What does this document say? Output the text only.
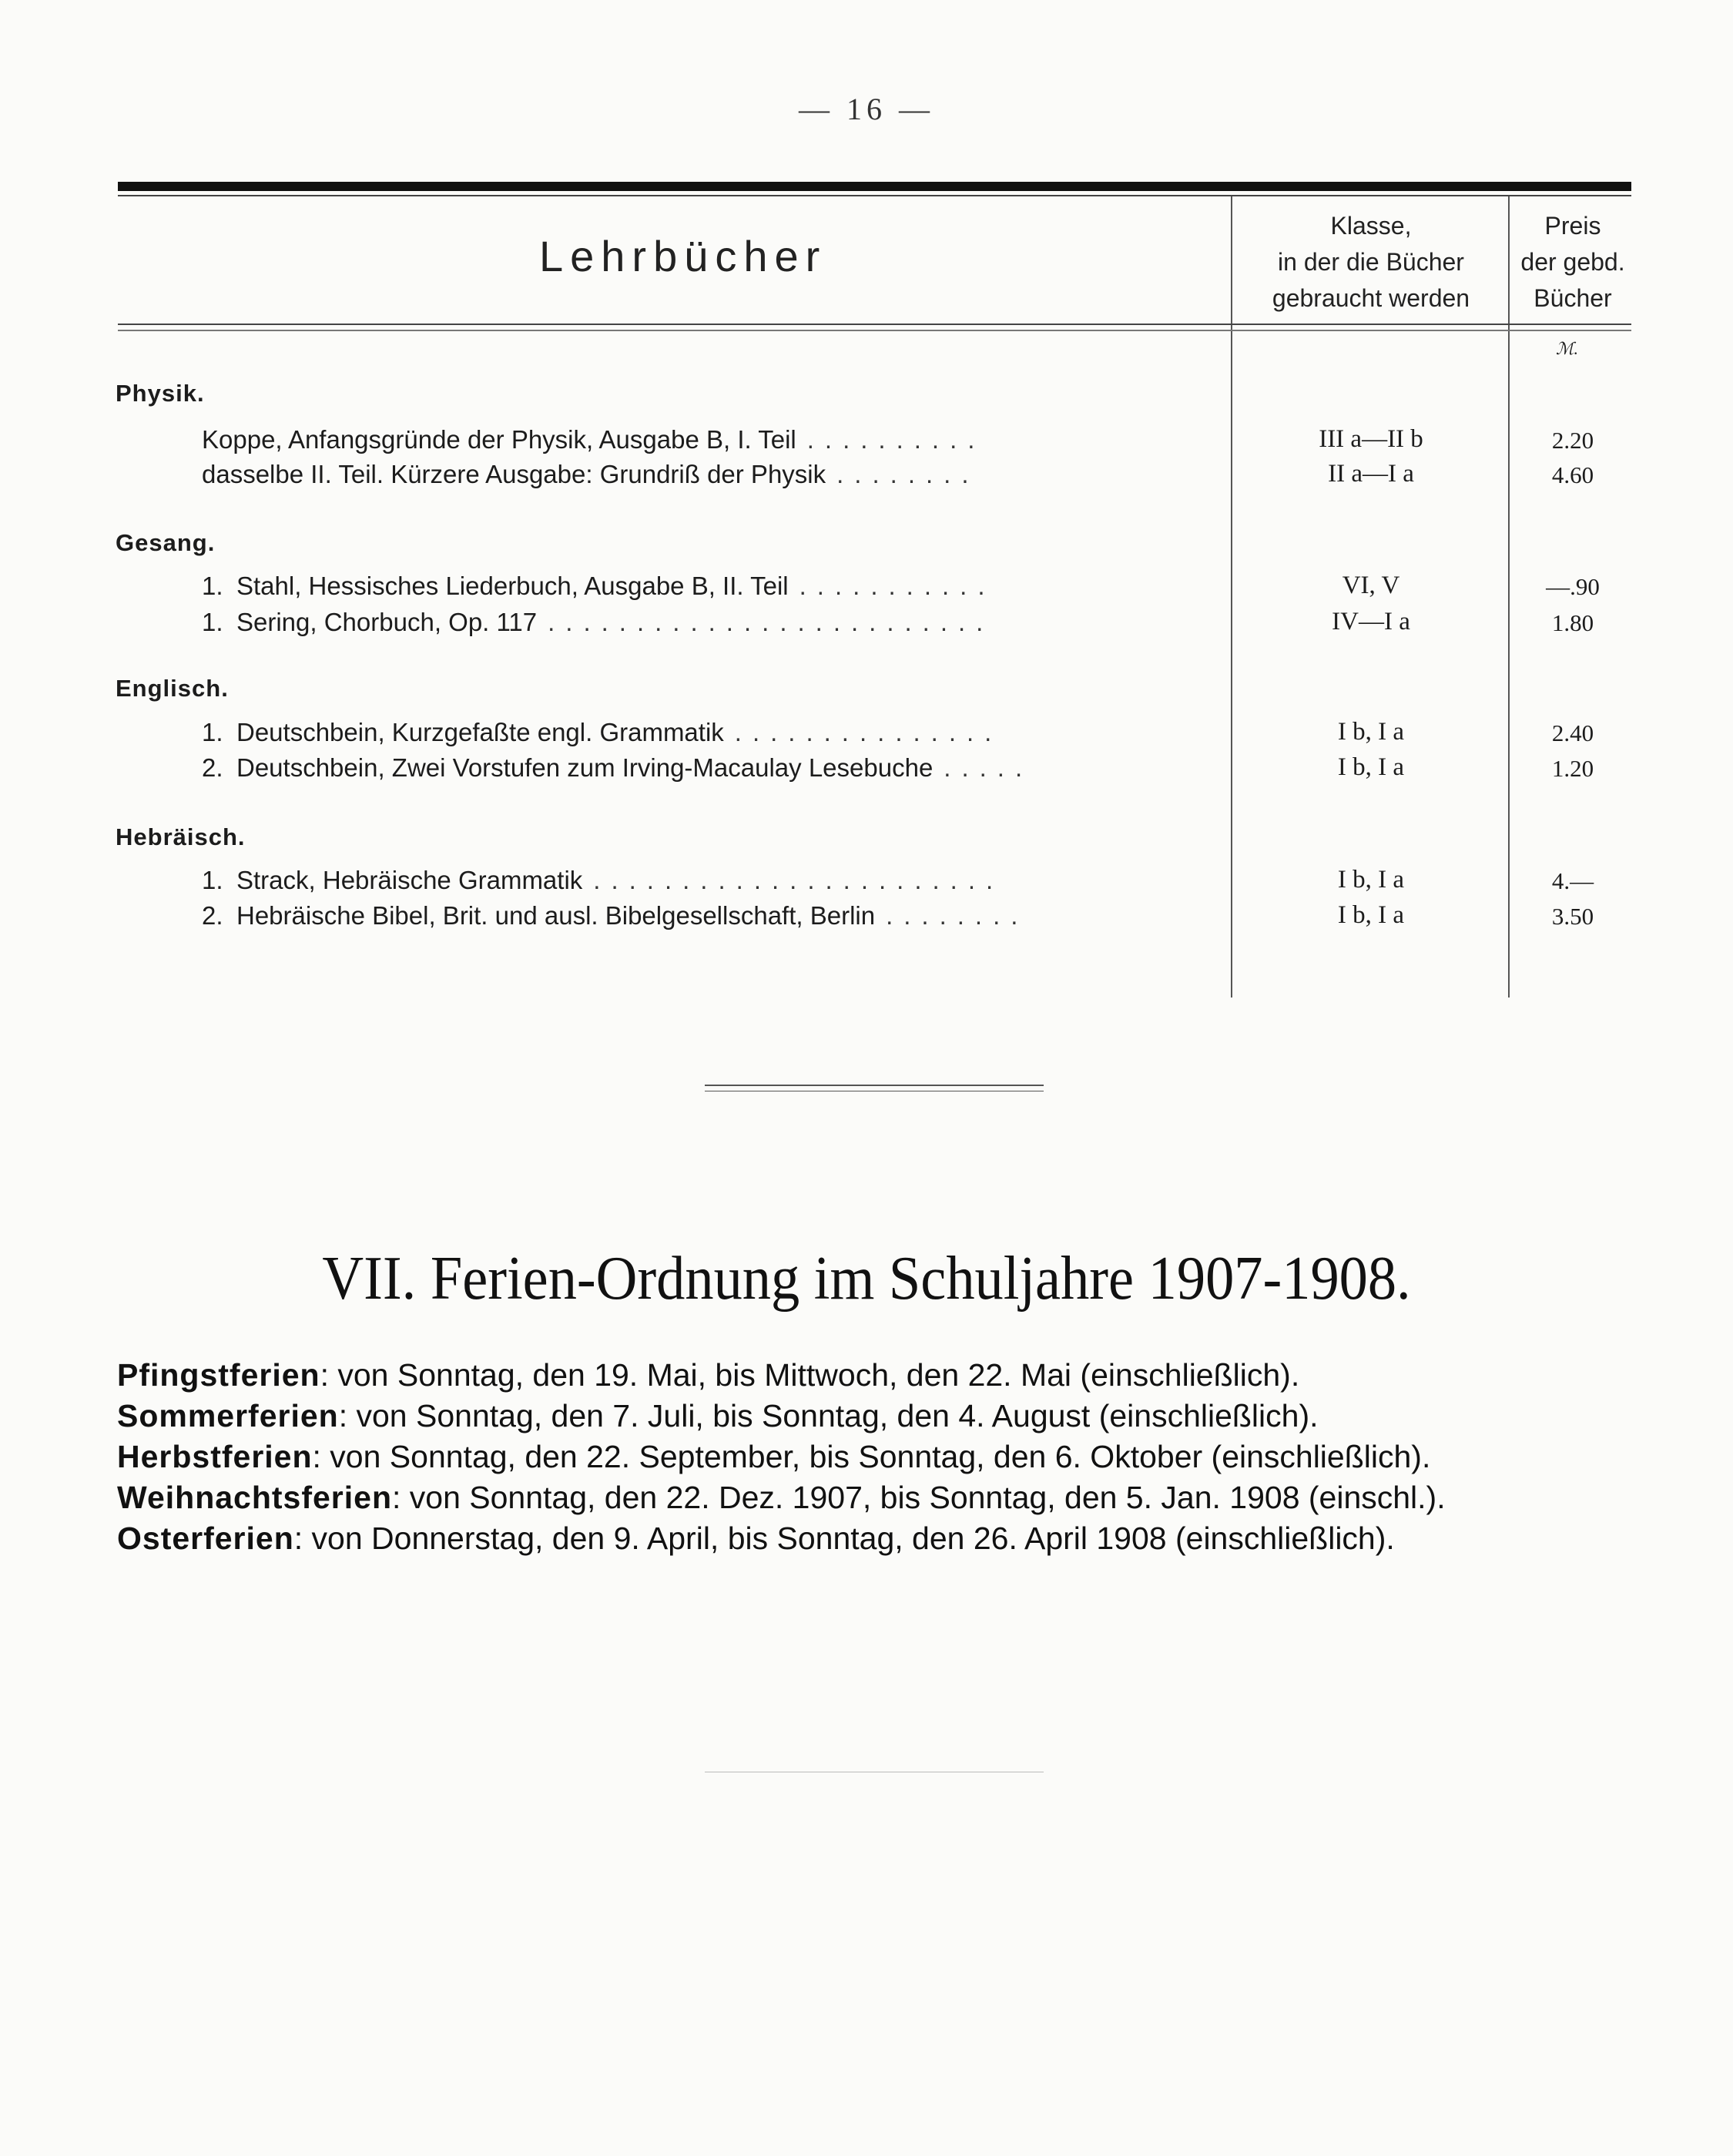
— 16 —
Lehrbücher
Klasse,
in der die Bücher
gebraucht werden
Preis
der gebd.
Bücher
ℳ.
Physik.
Koppe, Anfangsgründe der Physik, Ausgabe B, I. Teil ..........	III a—II b	2.20
dasselbe II. Teil. Kürzere Ausgabe: Grundriß der Physik ........	II a—I a	4.60
Gesang.
1. Stahl, Hessisches Liederbuch, Ausgabe B, II. Teil ...........	VI, V	—.90
1. Sering, Chorbuch, Op. 117 .........................	IV—I a	1.80
Englisch.
1. Deutschbein, Kurzgefaßte engl. Grammatik ...............	I b, I a	2.40
2. Deutschbein, Zwei Vorstufen zum Irving-Macaulay Lesebuche .....	I b, I a	1.20
Hebräisch.
1. Strack, Hebräische Grammatik .......................	I b, I a	4.—
2. Hebräische Bibel, Brit. und ausl. Bibelgesellschaft, Berlin ........	I b, I a	3.50
VII. Ferien-Ordnung im Schuljahre 1907-1908.
Pfingstferien: von Sonntag, den 19. Mai, bis Mittwoch, den 22. Mai (einschließlich).
Sommerferien: von Sonntag, den 7. Juli, bis Sonntag, den 4. August (einschließlich).
Herbstferien: von Sonntag, den 22. September, bis Sonntag, den 6. Oktober (einschließlich).
Weihnachtsferien: von Sonntag, den 22. Dez. 1907, bis Sonntag, den 5. Jan. 1908 (einschl.).
Osterferien: von Donnerstag, den 9. April, bis Sonntag, den 26. April 1908 (einschließlich).
